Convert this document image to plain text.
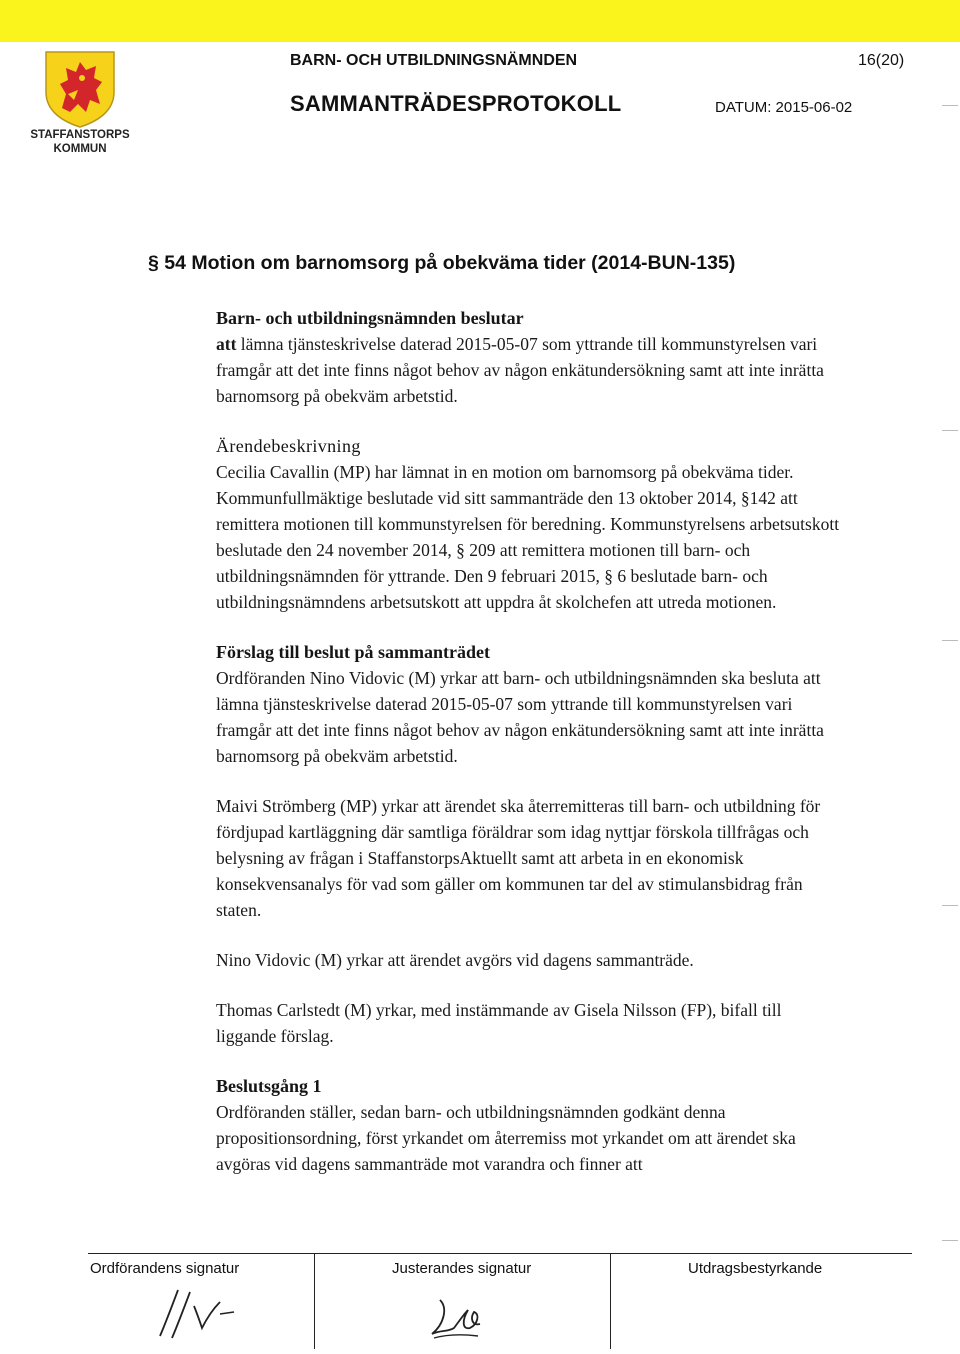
STAFFANSTORPS
KOMMUN
BARN- OCH UTBILDNINGSNÄMNDEN	16(20)
SAMMANTRÄDESPROTOKOLL	DATUM: 2015-06-02
§ 54 Motion om barnomsorg på obekväma tider (2014-BUN-135)

Barn- och utbildningsnämnden beslutar

att lämna tjänsteskrivelse daterad 2015-05-07 som yttrande till kommunstyrelsen vari framgår att det inte finns något behov av någon enkätundersökning samt att inte inrätta barnomsorg på obekväm arbetstid.

Ärendebeskrivning

Cecilia Cavallin (MP) har lämnat in en motion om barnomsorg på obekväma tider. Kommunfullmäktige beslutade vid sitt sammanträde den 13 oktober 2014, §142 att remittera motionen till kommunstyrelsen för beredning. Kommunstyrelsens arbetsutskott beslutade den 24 november 2014, § 209 att remittera motionen till barn- och utbildningsnämnden för yttrande. Den 9 februari 2015, § 6 beslutade barn- och utbildningsnämndens arbetsutskott att uppdra åt skolchefen att utreda motionen.

Förslag till beslut på sammanträdet

Ordföranden Nino Vidovic (M) yrkar att barn- och utbildningsnämnden ska besluta att lämna tjänsteskrivelse daterad 2015-05-07 som yttrande till kommunstyrelsen vari framgår att det inte finns något behov av någon enkätundersökning samt att inte inrätta barnomsorg på obekväm arbetstid.

Maivi Strömberg (MP) yrkar att ärendet ska återremitteras till barn- och utbildning för fördjupad kartläggning där samtliga föräldrar som idag nyttjar förskola tillfrågas och belysning av frågan i StaffanstorpsAktuellt samt att arbeta in en ekonomisk konsekvensanalys för vad som gäller om kommunen tar del av stimulansbidrag från staten.

Nino Vidovic (M) yrkar att ärendet avgörs vid dagens sammanträde.

Thomas Carlstedt (M) yrkar, med instämmande av Gisela Nilsson (FP), bifall till liggande förslag.

Beslutsgång 1

Ordföranden ställer, sedan barn- och utbildningsnämnden godkänt denna propositionsordning, först yrkandet om återremiss mot yrkandet om att ärendet ska avgöras vid dagens sammanträde mot varandra och finner att

Ordförandens signatur	Justerandes signatur	Utdragsbestyrkande
